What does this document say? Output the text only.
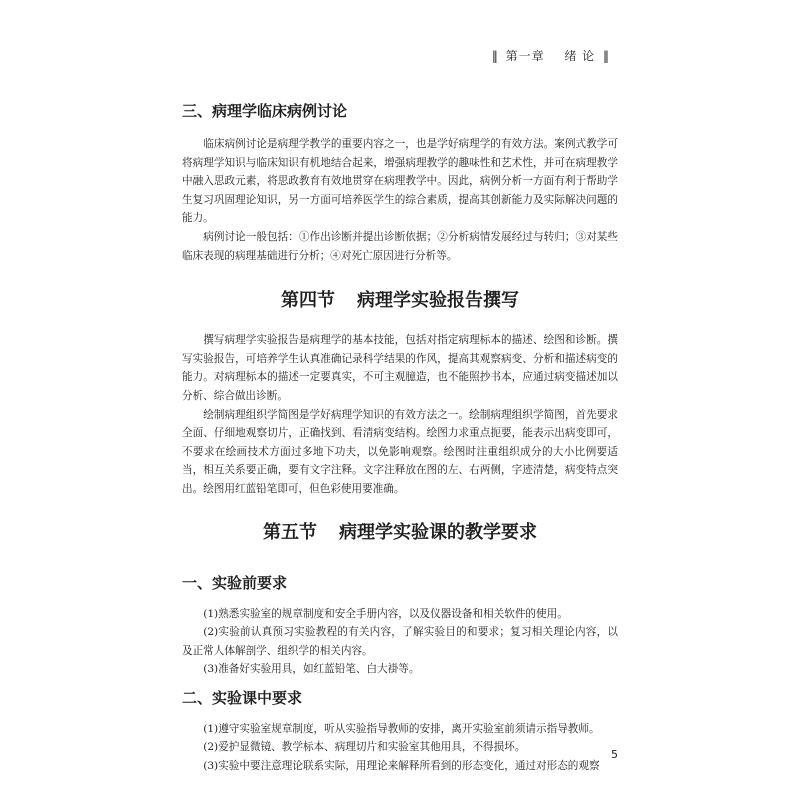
‖ 第一章 绪 论 ‖
三、病理学临床病例讨论

临床病例讨论是病理学教学的重要内容之一，也是学好病理学的有效方法。案例式教学可将病理学知识与临床知识有机地结合起来，增强病理教学的趣味性和艺术性，并可在病理教学中融入思政元素，将思政教育有效地贯穿在病理教学中。因此，病例分析一方面有利于帮助学生复习巩固理论知识，另一方面可培养医学生的综合素质，提高其创新能力及实际解决问题的能力。

病例讨论一般包括：①作出诊断并提出诊断依据；②分析病情发展经过与转归；③对某些临床表现的病理基础进行分析；④对死亡原因进行分析等。

第四节 病理学实验报告撰写

撰写病理学实验报告是病理学的基本技能，包括对指定病理标本的描述、绘图和诊断。撰写实验报告，可培养学生认真准确记录科学结果的作风，提高其观察病变、分析和描述病变的能力。对病理标本的描述一定要真实，不可主观臆造，也不能照抄书本，应通过病变描述加以分析、综合做出诊断。

绘制病理组织学简图是学好病理学知识的有效方法之一。绘制病理组织学简图，首先要求全面、仔细地观察切片，正确找到、看清病变结构。绘图力求重点扼要，能表示出病变即可，不要求在绘画技术方面过多地下功夫，以免影响观察。绘图时注重组织成分的大小比例要适当，相互关系要正确，要有文字注释。文字注释放在图的左、右两侧，字迹清楚，病变特点突出。绘图用红蓝铅笔即可，但色彩使用要准确。

第五节 病理学实验课的教学要求
一、实验前要求

(1)熟悉实验室的规章制度和安全手册内容，以及仪器设备和相关软件的使用。

(2)实验前认真预习实验教程的有关内容，了解实验目的和要求；复习相关理论内容，以及正常人体解剖学、组织学的相关内容。

(3)准备好实验用具，如红蓝铅笔、白大褂等。

二、实验课中要求

(1)遵守实验室规章制度，听从实验指导教师的安排，离开实验室前须请示指导教师。

(2)爱护显微镜、教学标本、病理切片和实验室其他用具，不得损坏。

(3)实验中要注意理论联系实际，用理论来解释所看到的形态变化，通过对形态的观察

5
